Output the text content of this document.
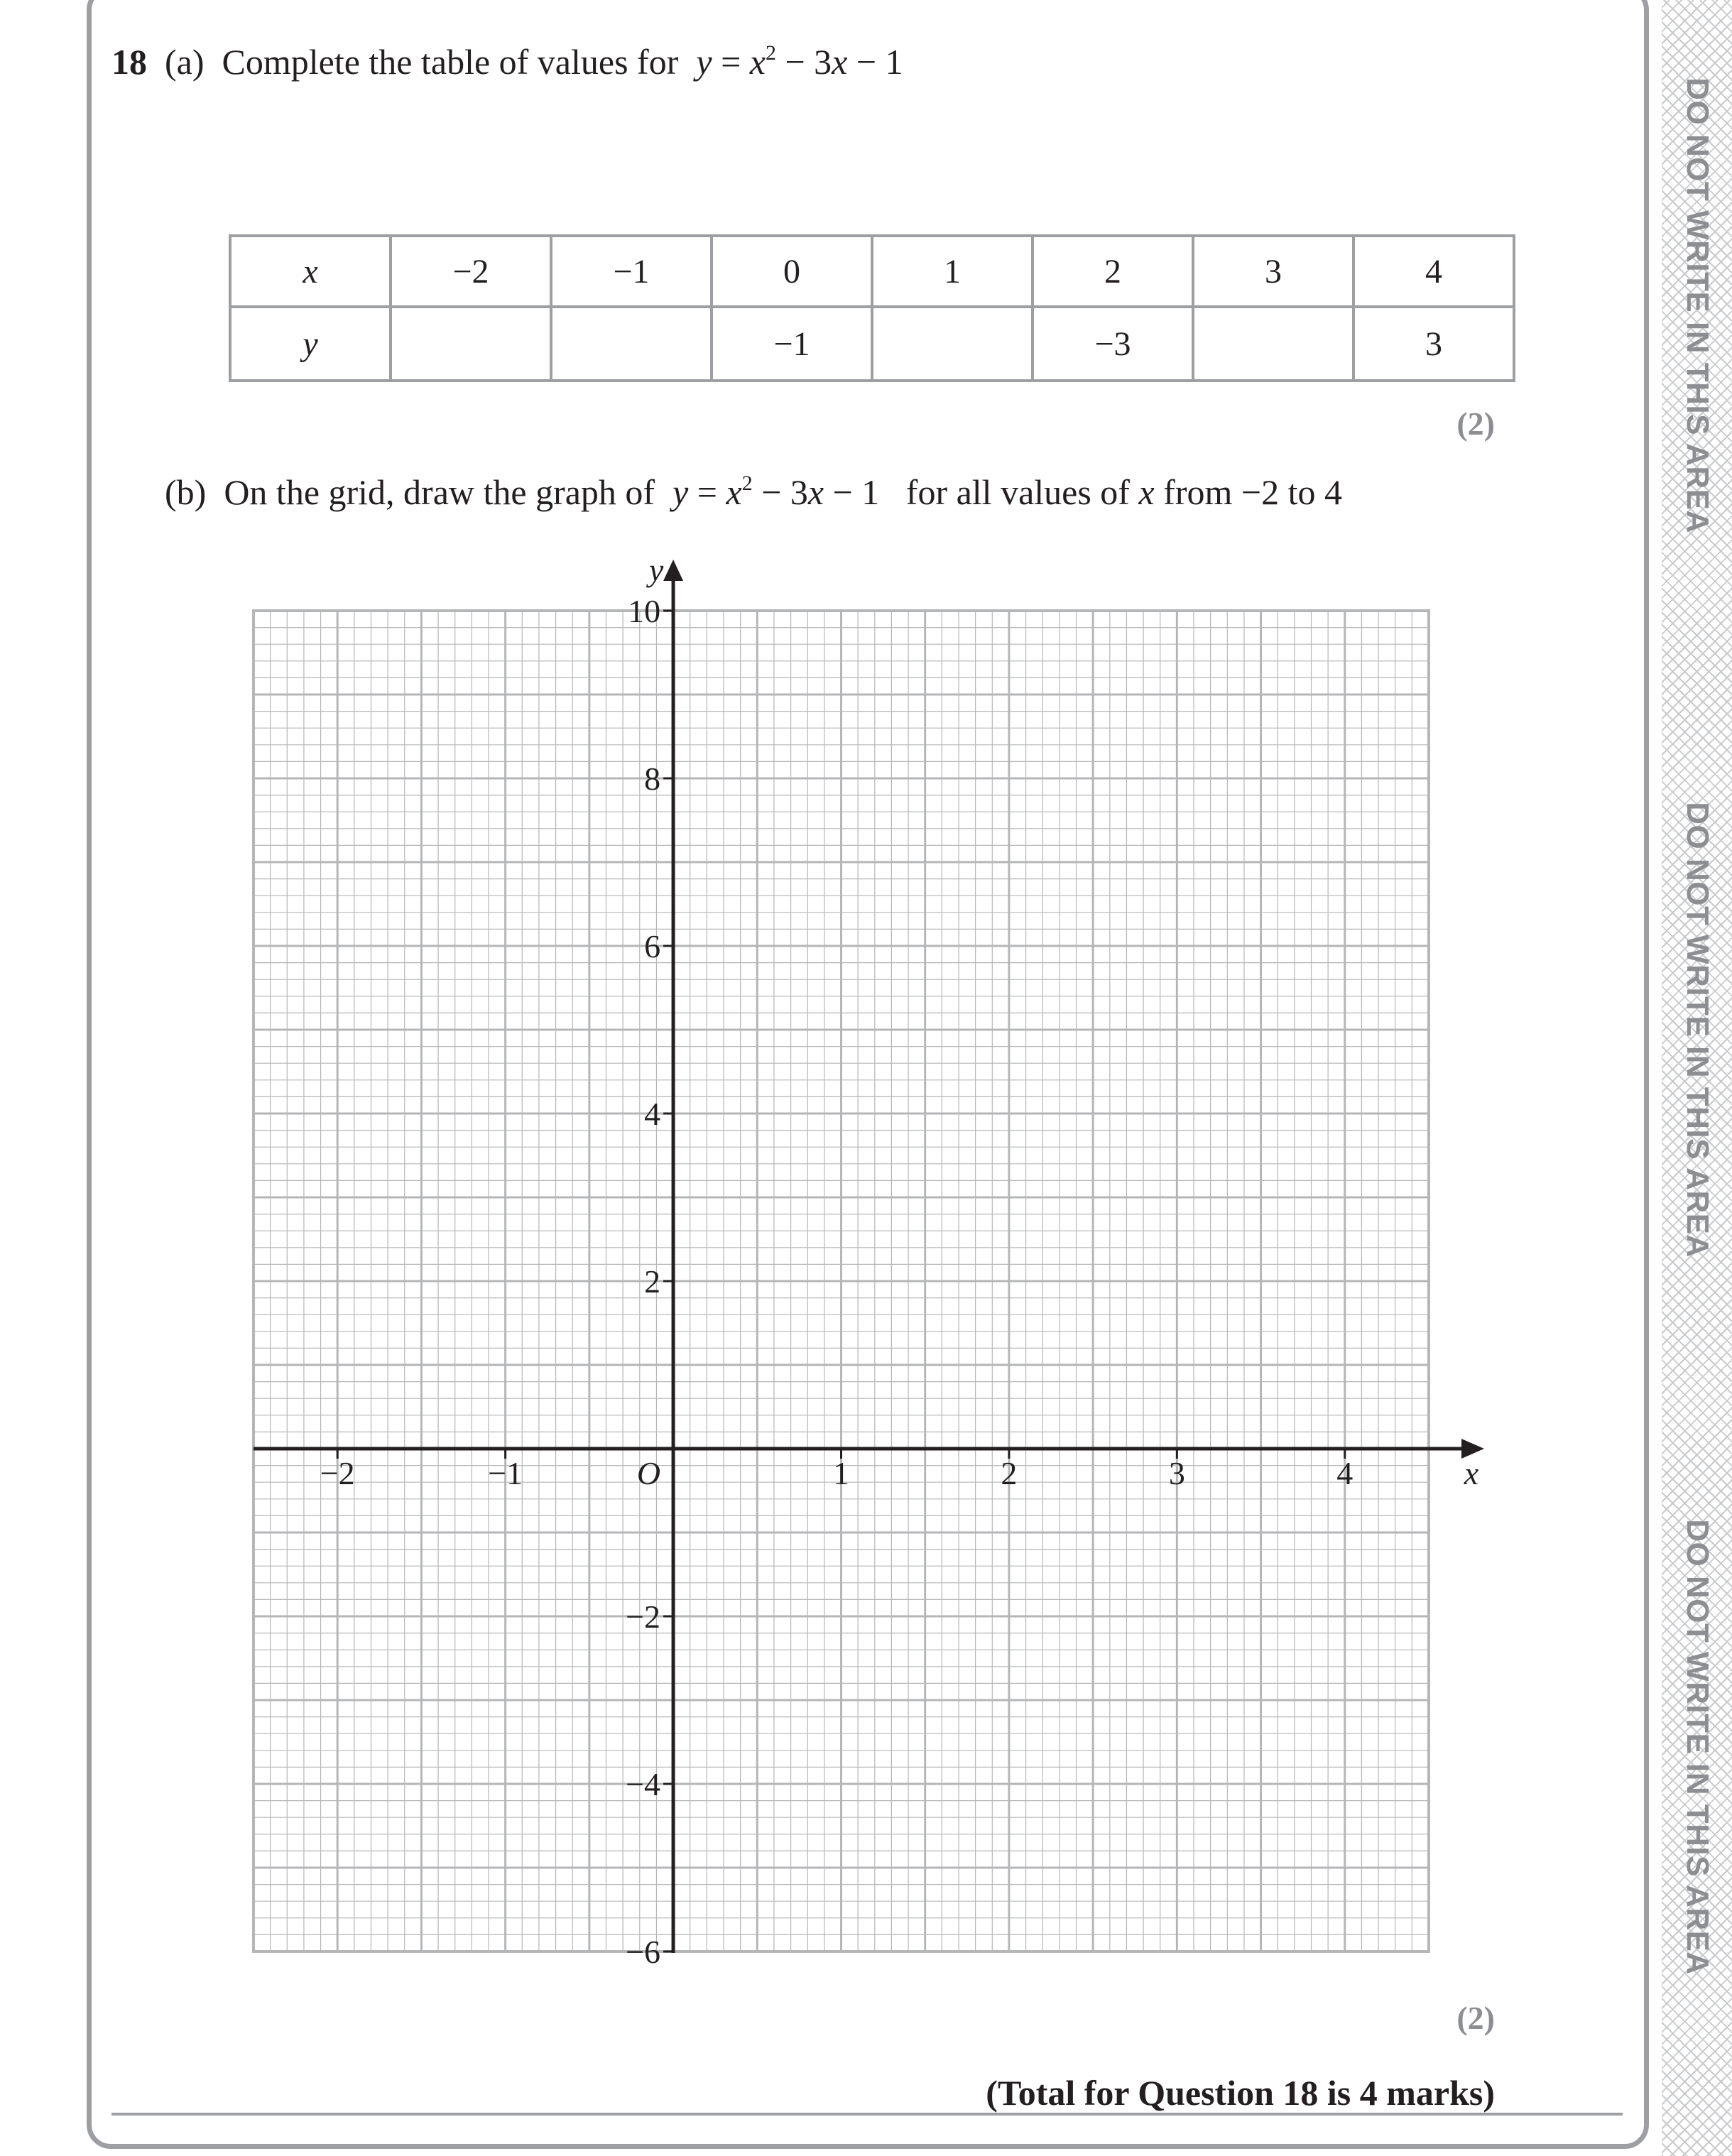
DO NOT WRITE IN THIS AREA
DO NOT WRITE IN THIS AREA
DO NOT WRITE IN THIS AREA
18 (a) Complete the table of values for $y = x^2 - 3x - 1$
x	−2	−1	0	1	2	3	4
y			−1		−3		3
(2)
(b) On the grid, draw the graph of $y = x^2 - 3x - 1$ for all values of x from −2 to 4
−2	−1	1	2	3	4
10
8
6
4
2
−2
−4
−6
O	x
y
(2)
(Total for Question 18 is 4 marks)
